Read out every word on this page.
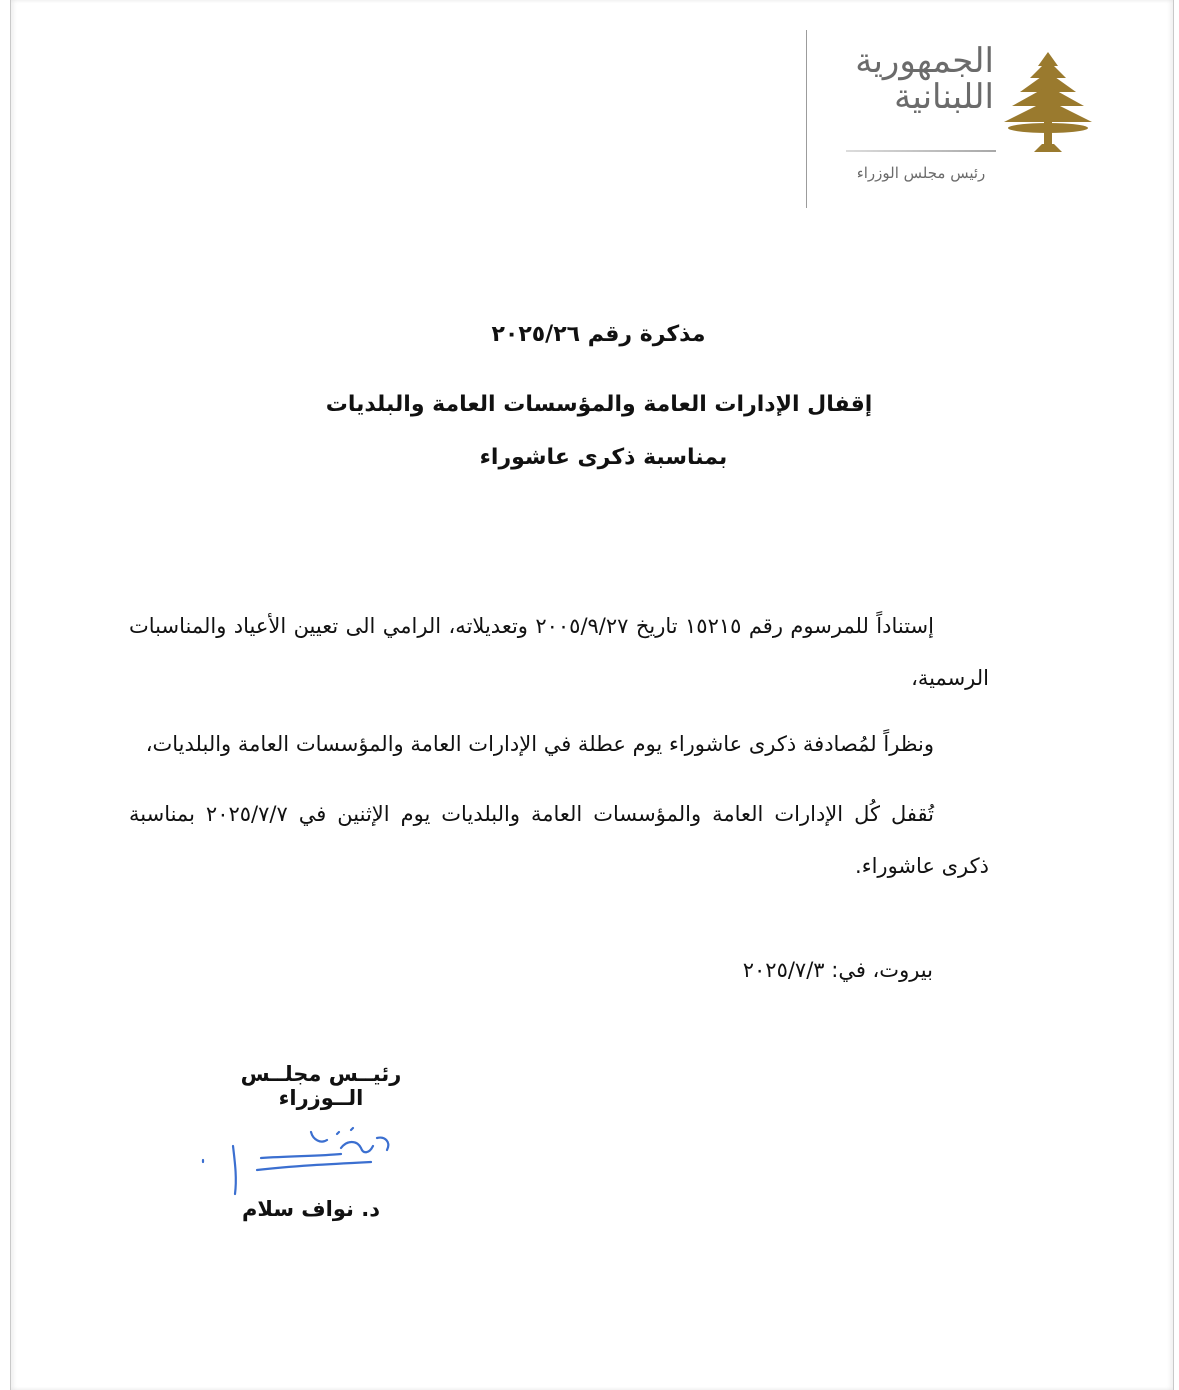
الجمهورية
اللبنانية
رئيس مجلس الوزراء
مذكرة رقم ٢٠٢٥/٢٦
إقفال الإدارات العامة والمؤسسات العامة والبلديات
بمناسبة ذكرى عاشوراء
إستناداً للمرسوم رقم ١٥٢١٥ تاريخ ٢٠٠٥/٩/٢٧ وتعديلاته، الرامي الى تعيين الأعياد والمناسبات الرسمية،
ونظراً لمُصادفة ذكرى عاشوراء يوم عطلة في الإدارات العامة والمؤسسات العامة والبلديات،
تُقفل كُل الإدارات العامة والمؤسسات العامة والبلديات يوم الإثنين في ٢٠٢٥/٧/٧ بمناسبة ذكرى عاشوراء.
بيروت، في: ٢٠٢٥/٧/٣
رئيــس مجلــس الــوزراء
د. نواف سلام
